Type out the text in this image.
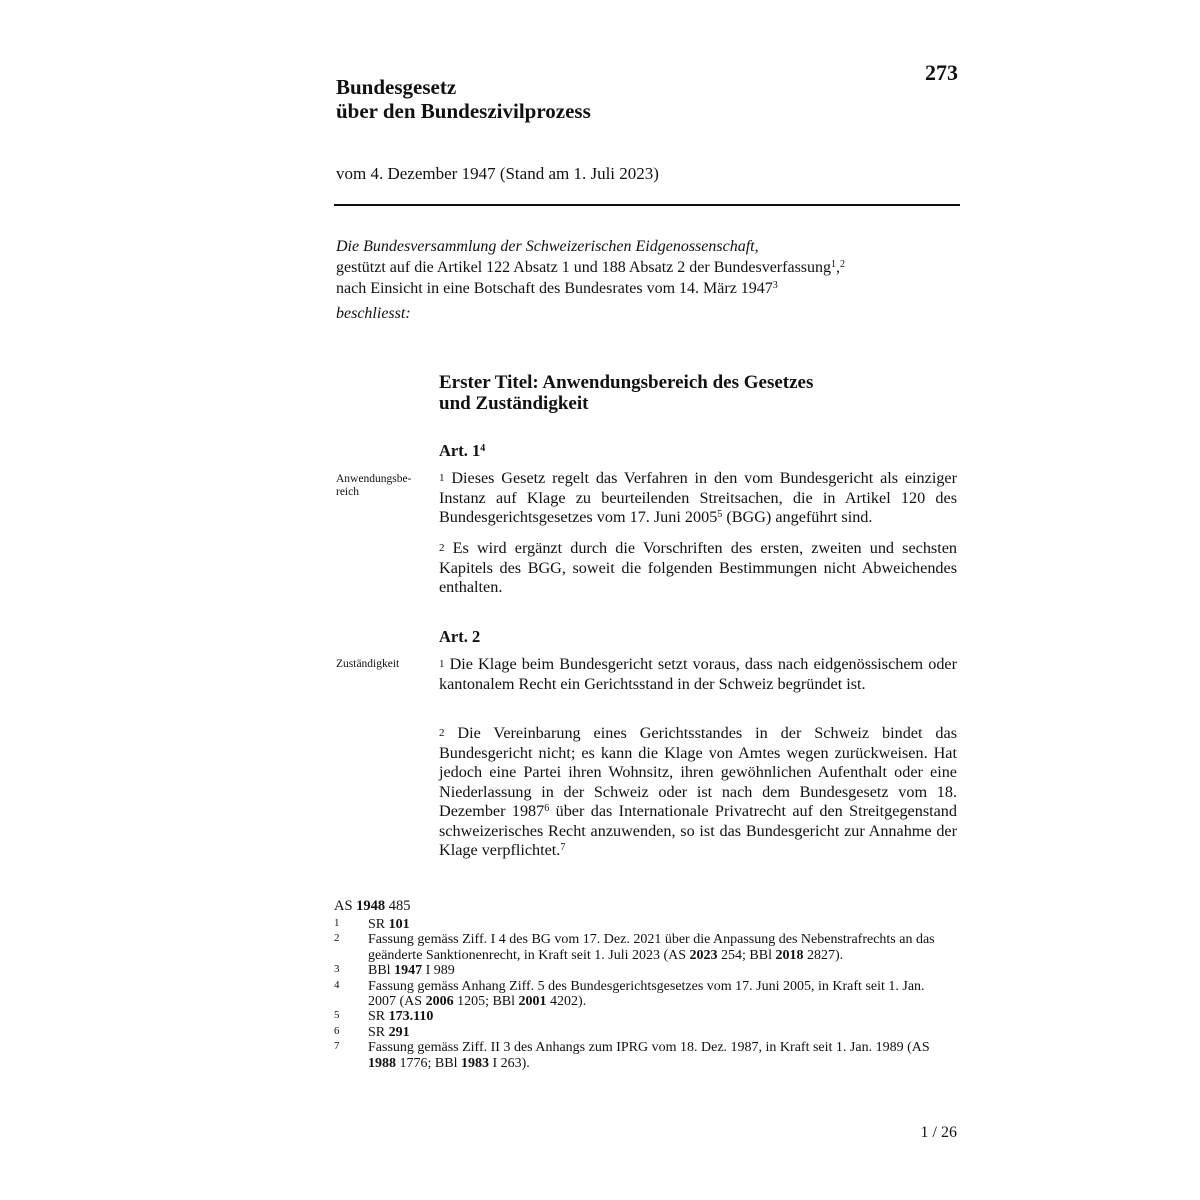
273
Bundesgesetz
über den Bundeszivilprozess
vom 4. Dezember 1947 (Stand am 1. Juli 2023)

Die Bundesversammlung der Schweizerischen Eidgenossenschaft,

gestützt auf die Artikel 122 Absatz 1 und 188 Absatz 2 der Bundesverfassung$^1$,$^2$

nach Einsicht in eine Botschaft des Bundesrates vom 14. März 1947$^3$

beschliesst:

Erster Titel: Anwendungsbereich des Gesetzes
und Zuständigkeit
Art. 1$^4$
Anwendungsbe-
reich
1 Dieses Gesetz regelt das Verfahren in den vom Bundesgericht als einziger Instanz auf Klage zu beurteilenden Streitsachen, die in Artikel 120 des Bundesgerichtsgesetzes vom 17. Juni 2005$^5$ (BGG) angeführt sind.
2 Es wird ergänzt durch die Vorschriften des ersten, zweiten und sechsten Kapitels des BGG, soweit die folgenden Bestimmungen nicht Abweichendes enthalten.
Art. 2
Zuständigkeit	1 Die Klage beim Bundesgericht setzt voraus, dass nach eidgenössischem oder kantonalem Recht ein Gerichtsstand in der Schweiz begründet ist.
2 Die Vereinbarung eines Gerichtsstandes in der Schweiz bindet das Bundesgericht nicht; es kann die Klage von Amtes wegen zurückweisen. Hat jedoch eine Partei ihren Wohnsitz, ihren gewöhnlichen Aufenthalt oder eine Niederlassung in der Schweiz oder ist nach dem Bundesgesetz vom 18. Dezember 1987$^6$ über das Internationale Privatrecht auf den Streitgegenstand schweizerisches Recht anzuwenden, so ist das Bundesgericht zur Annahme der Klage verpflichtet.$^7$
AS 1948 485
1	SR 101
2	Fassung gemäss Ziff. I 4 des BG vom 17. Dez. 2021 über die Anpassung des Nebenstrafrechts an das geänderte Sanktionenrecht, in Kraft seit 1. Juli 2023 (AS 2023 254; BBl 2018 2827).
3	BBl 1947 I 989
4	Fassung gemäss Anhang Ziff. 5 des Bundesgerichtsgesetzes vom 17. Juni 2005, in Kraft seit 1. Jan. 2007 (AS 2006 1205; BBl 2001 4202).
5	SR 173.110
6	SR 291
7	Fassung gemäss Ziff. II 3 des Anhangs zum IPRG vom 18. Dez. 1987, in Kraft seit 1. Jan. 1989 (AS 1988 1776; BBl 1983 I 263).
1 / 26
